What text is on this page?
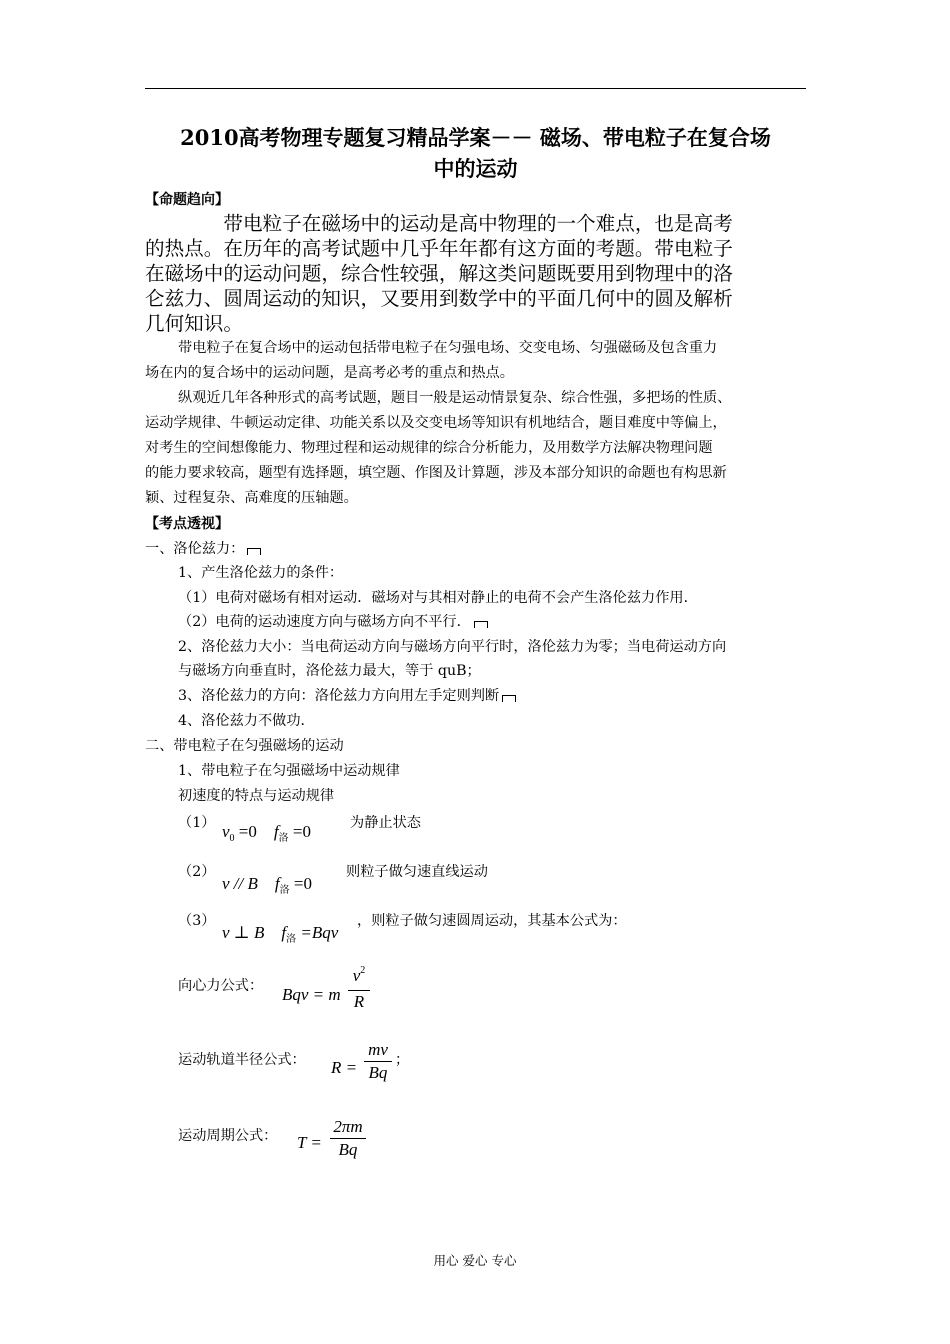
2010高考物理专题复习精品学案－－ 磁场、带电粒子在复合场
中的运动
【命题趋向】
　　　　带电粒子在磁场中的运动是高中物理的一个难点，也是高考
的热点。在历年的高考试题中几乎年年都有这方面的考题。带电粒子
在磁场中的运动问题，综合性较强，解这类问题既要用到物理中的洛
仑兹力、圆周运动的知识，又要用到数学中的平面几何中的圆及解析
几何知识。
带电粒子在复合场中的运动包括带电粒子在匀强电场、交变电场、匀强磁砀及包含重力
场在内的复合场中的运动问题，是高考必考的重点和热点。
纵观近几年各种形式的高考试题，题目一般是运动情景复杂、综合性强，多把场的性质、
运动学规律、牛顿运动定律、功能关系以及交变电场等知识有机地结合，题目难度中等偏上，
对考生的空间想像能力、物理过程和运动规律的综合分析能力，及用数学方法解决物理问题
的能力要求较高，题型有选择题，填空题、作图及计算题，涉及本部分知识的命题也有构思新
颖、过程复杂、高难度的压轴题。
【考点透视】
一、洛伦兹力：
1、产生洛伦兹力的条件：
（1）电荷对磁场有相对运动．磁场对与其相对静止的电荷不会产生洛伦兹力作用．
（2）电荷的运动速度方向与磁场方向不平行．
2、洛伦兹力大小：当电荷运动方向与磁场方向平行时，洛伦兹力为零；当电荷运动方向
与磁场方向垂直时，洛伦兹力最大，等于 quB；
3、洛伦兹力的方向：洛伦兹力方向用左手定则判断
4、洛伦兹力不做功．
二、带电粒子在匀强磁场的运动
1、带电粒子在匀强磁场中运动规律
初速度的特点与运动规律
（1） $v_0 =0$ $f_洛 =0$	为静止状态
（2）
v // B $f_洛 =0$
则粒子做匀速直线运动
（3）
v ⊥ B $f_洛 =Bqv$
，则粒子做匀速圆周运动，其基本公式为：
向心力公式： Bqv = m
$v^2$
R
运动轨道半径公式： R =
mv
Bq
；
运动周期公式： T =
2πm
Bq
用心 爱心 专心
